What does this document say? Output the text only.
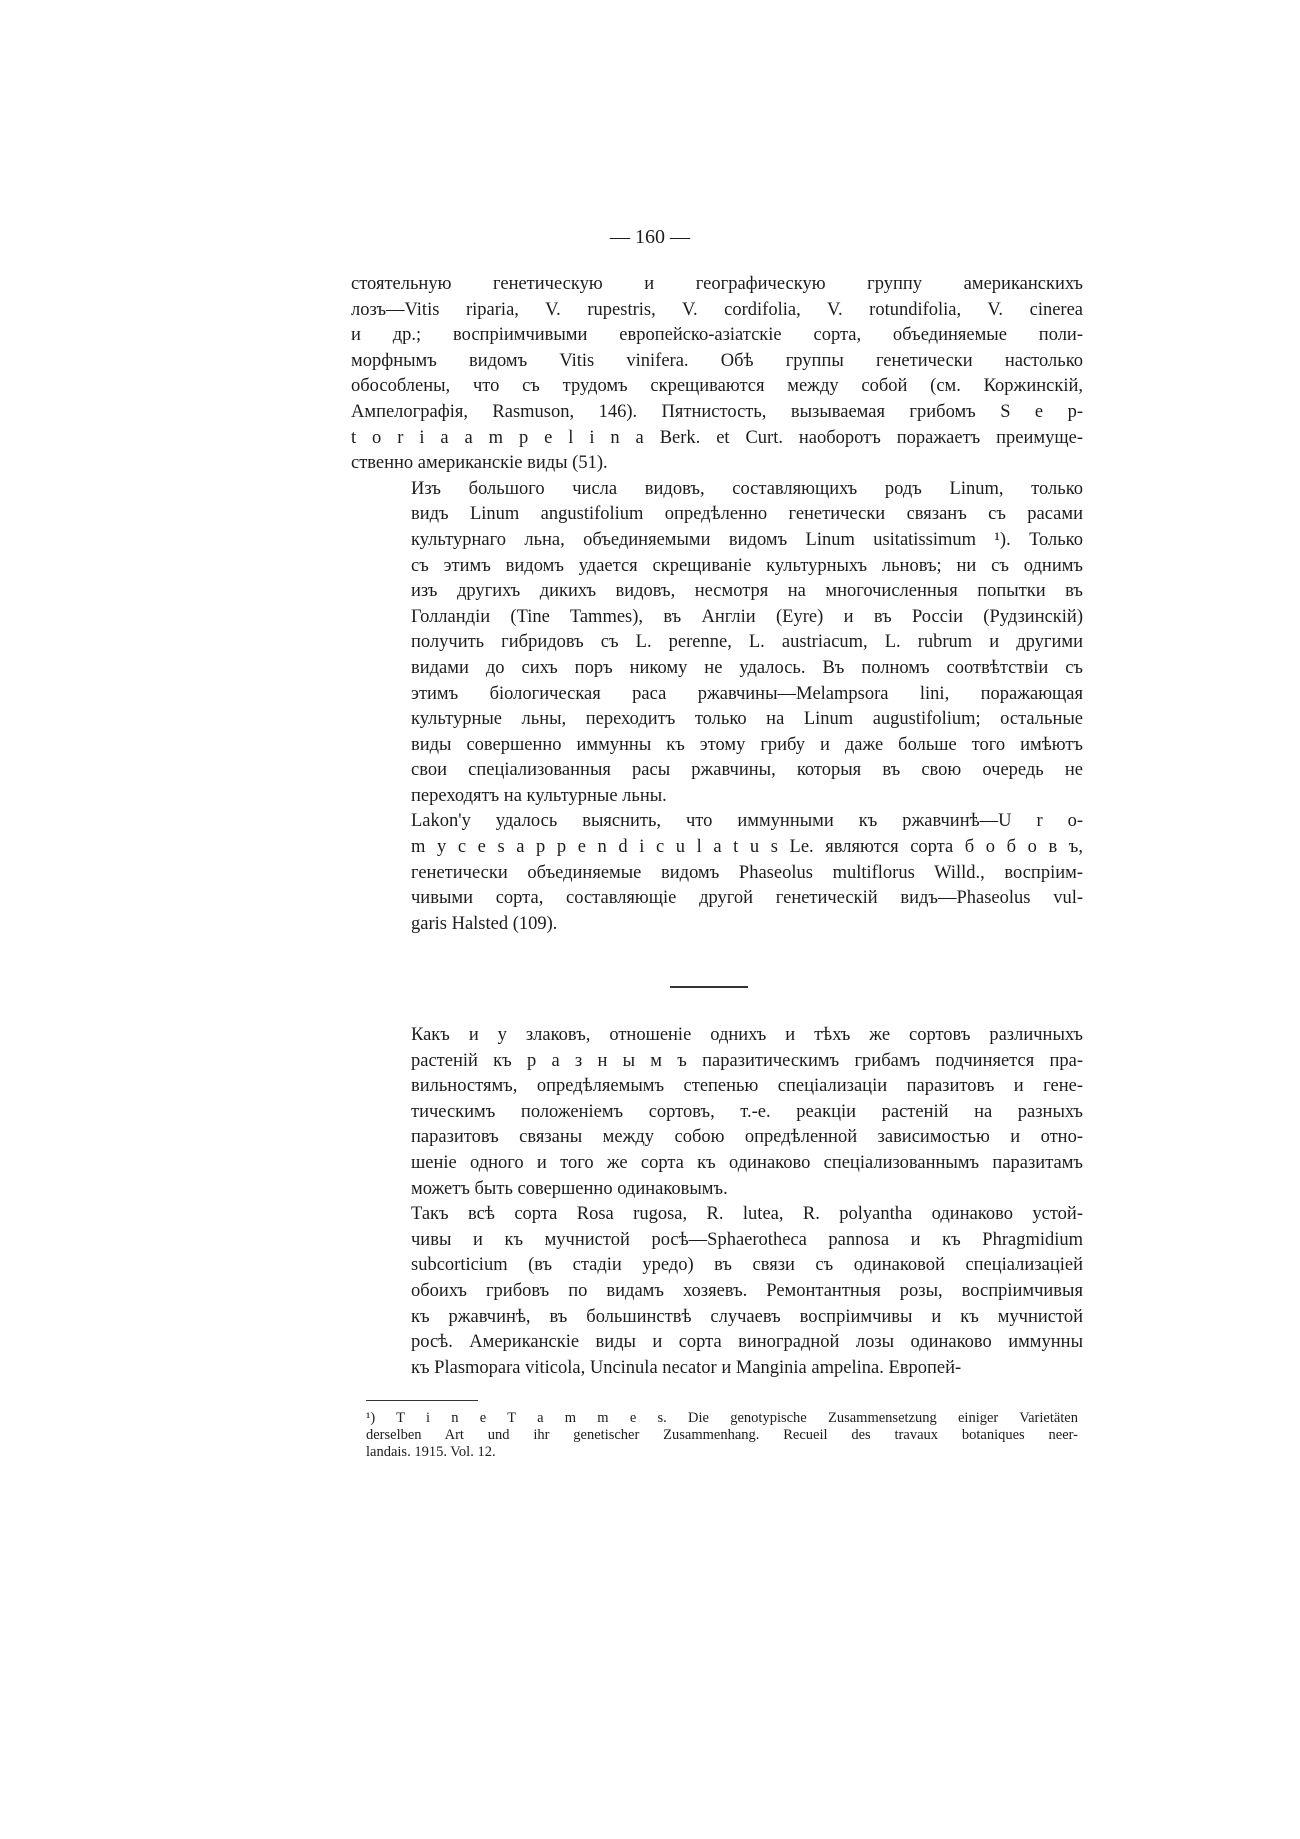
— 160 —

стоятельную генетическую и географическую группу американскихъ
лозъ—Vitis riparia, V. rupestris, V. cordifolia, V. rotundifolia, V. cinerea
и др.; воспріимчивыми европейско-азіатскіе сорта, объединяемые поли-
морфнымъ видомъ Vitis vinifera. Обѣ группы генетически настолько
обособлены, что съ трудомъ скрещиваются между собой (см. Коржинскій,
Ампелографія, Rasmuson, 146). Пятнистость, вызываемая грибомъ S e p-
t o r i a a m p e l i n a Berk. et Curt. наоборотъ поражаетъ преимуще-
ственно американскіе виды (51).

Изъ большого числа видовъ, составляющихъ родъ Linum, только
видъ Linum angustifolium опредѣленно генетически связанъ съ расами
культурнаго льна, объединяемыми видомъ Linum usitatissimum ¹). Только
съ этимъ видомъ удается скрещиваніе культурныхъ льновъ; ни съ однимъ
изъ другихъ дикихъ видовъ, несмотря на многочисленныя попытки въ
Голландіи (Tine Tammes), въ Англіи (Eyre) и въ Россіи (Рудзинскій)
получить гибридовъ съ L. perenne, L. austriacum, L. rubrum и другими
видами до сихъ поръ никому не удалось. Въ полномъ соотвѣтствіи съ
этимъ біологическая раса ржавчины—Melampsora lini, поражающая
культурные льны, переходитъ только на Linum augustifolium; остальные
виды совершенно иммунны къ этому грибу и даже больше того имѣютъ
свои спеціализованныя расы ржавчины, которыя въ свою очередь не
переходятъ на культурные льны.

Lakon'у удалось выяснить, что иммунными къ ржавчинѣ—U r o-
m y c e s a p p e n d i c u l a t u s Le. являются сорта б о б о в ъ,
генетически объединяемые видомъ Phaseolus multiflorus Willd., воспріим-
чивыми сорта, составляющіе другой генетическій видъ—Phaseolus vul-
garis Halsted (109).

Какъ и у злаковъ, отношеніе однихъ и тѣхъ же сортовъ различныхъ
растеній къ р а з н ы м ъ паразитическимъ грибамъ подчиняется пра-
вильностямъ, опредѣляемымъ степенью спеціализаціи паразитовъ и гене-
тическимъ положеніемъ сортовъ, т.-е. реакціи растеній на разныхъ
паразитовъ связаны между собою опредѣленной зависимостью и отно-
шеніе одного и того же сорта къ одинаково спеціализованнымъ паразитамъ
можетъ быть совершенно одинаковымъ.

Такъ всѣ сорта Rosa rugosa, R. lutea, R. polyantha одинаково устой-
чивы и къ мучнистой росѣ—Sphaerotheca pannosa и къ Phragmidium
subcorticium (въ стадіи уредо) въ связи съ одинаковой спеціализаціей
обоихъ грибовъ по видамъ хозяевъ. Ремонтантныя розы, воспріимчивыя
къ ржавчинѣ, въ большинствѣ случаевъ воспріимчивы и къ мучнистой
росѣ. Американскіе виды и сорта виноградной лозы одинаково иммунны
къ Plasmopara viticola, Uncinula necator и Manginia ampelina. Европей-

¹) T i n e T a m m e s. Die genotypische Zusammensetzung einiger Varietäten
derselben Art und ihr genetischer Zusammenhang. Recueil des travaux botaniques neer-
landais. 1915. Vol. 12.
